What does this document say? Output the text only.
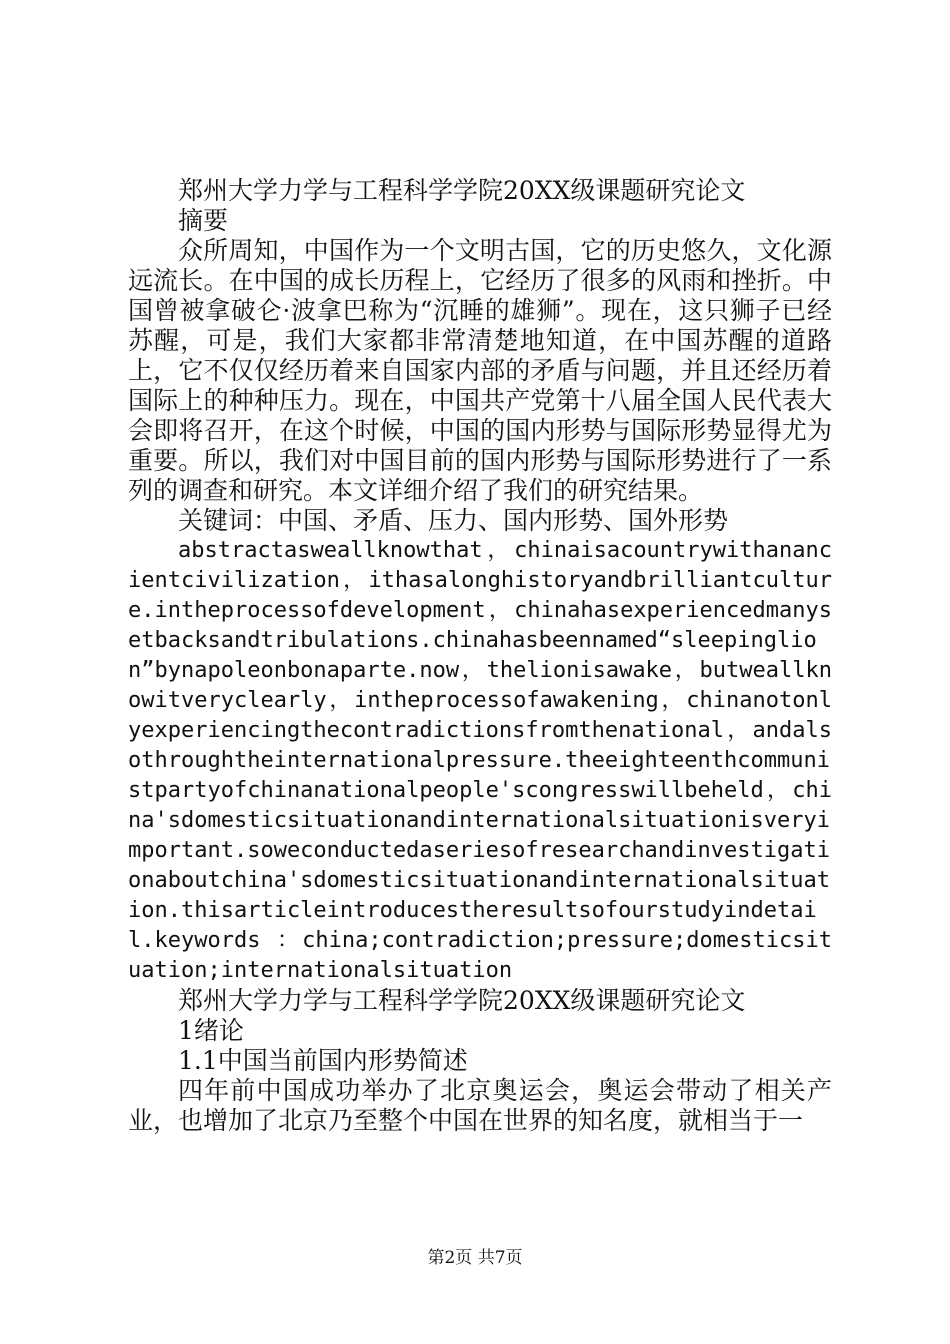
郑州大学力学与工程科学学院20XX级课题研究论文

摘要

众所周知，中国作为一个文明古国，它的历史悠久，文化源远流长。在中国的成长历程上，它经历了很多的风雨和挫折。中国曾被拿破仑·波拿巴称为“沉睡的雄狮”。现在，这只狮子已经苏醒，可是，我们大家都非常清楚地知道，在中国苏醒的道路上，它不仅仅经历着来自国家内部的矛盾与问题，并且还经历着国际上的种种压力。现在，中国共产党第十八届全国人民代表大会即将召开，在这个时候，中国的国内形势与国际形势显得尤为重要。所以，我们对中国目前的国内形势与国际形势进行了一系列的调查和研究。本文详细介绍了我们的研究结果。

关键词：中国、矛盾、压力、国内形势、国外形势

abstractasweallknowthat，chinaisacountrywithanancientcivilization，ithasalonghistoryandbrilliantculture.intheprocessofdevelopment，chinahasexperiencedmanysetbacksandtribulations.chinahasbeennamed“sleepinglion”bynapoleonbonaparte.now，thelionisawake，butweallknowitveryclearly，intheprocessofawakening，chinanotonlyexperiencingthecontradictionsfromthenational，andalsothroughtheinternationalpressure.theeighteenthcommunistpartyofchinanationalpeople'scongresswillbeheld，china'sdomesticsituationandinternationalsituationisveryimportant.soweconductedaseriesofresearchandinvestigationaboutchina'sdomesticsituationandinternationalsituation.thisarticleintroducestheresultsofourstudyindetail.keywords ：china;contradiction;pressure;domesticsituation;internationalsituation

郑州大学力学与工程科学学院20XX级课题研究论文

1绪论

1.1中国当前国内形势简述

四年前中国成功举办了北京奥运会，奥运会带动了相关产业，也增加了北京乃至整个中国在世界的知名度，就相当于一

第2页 共7页
